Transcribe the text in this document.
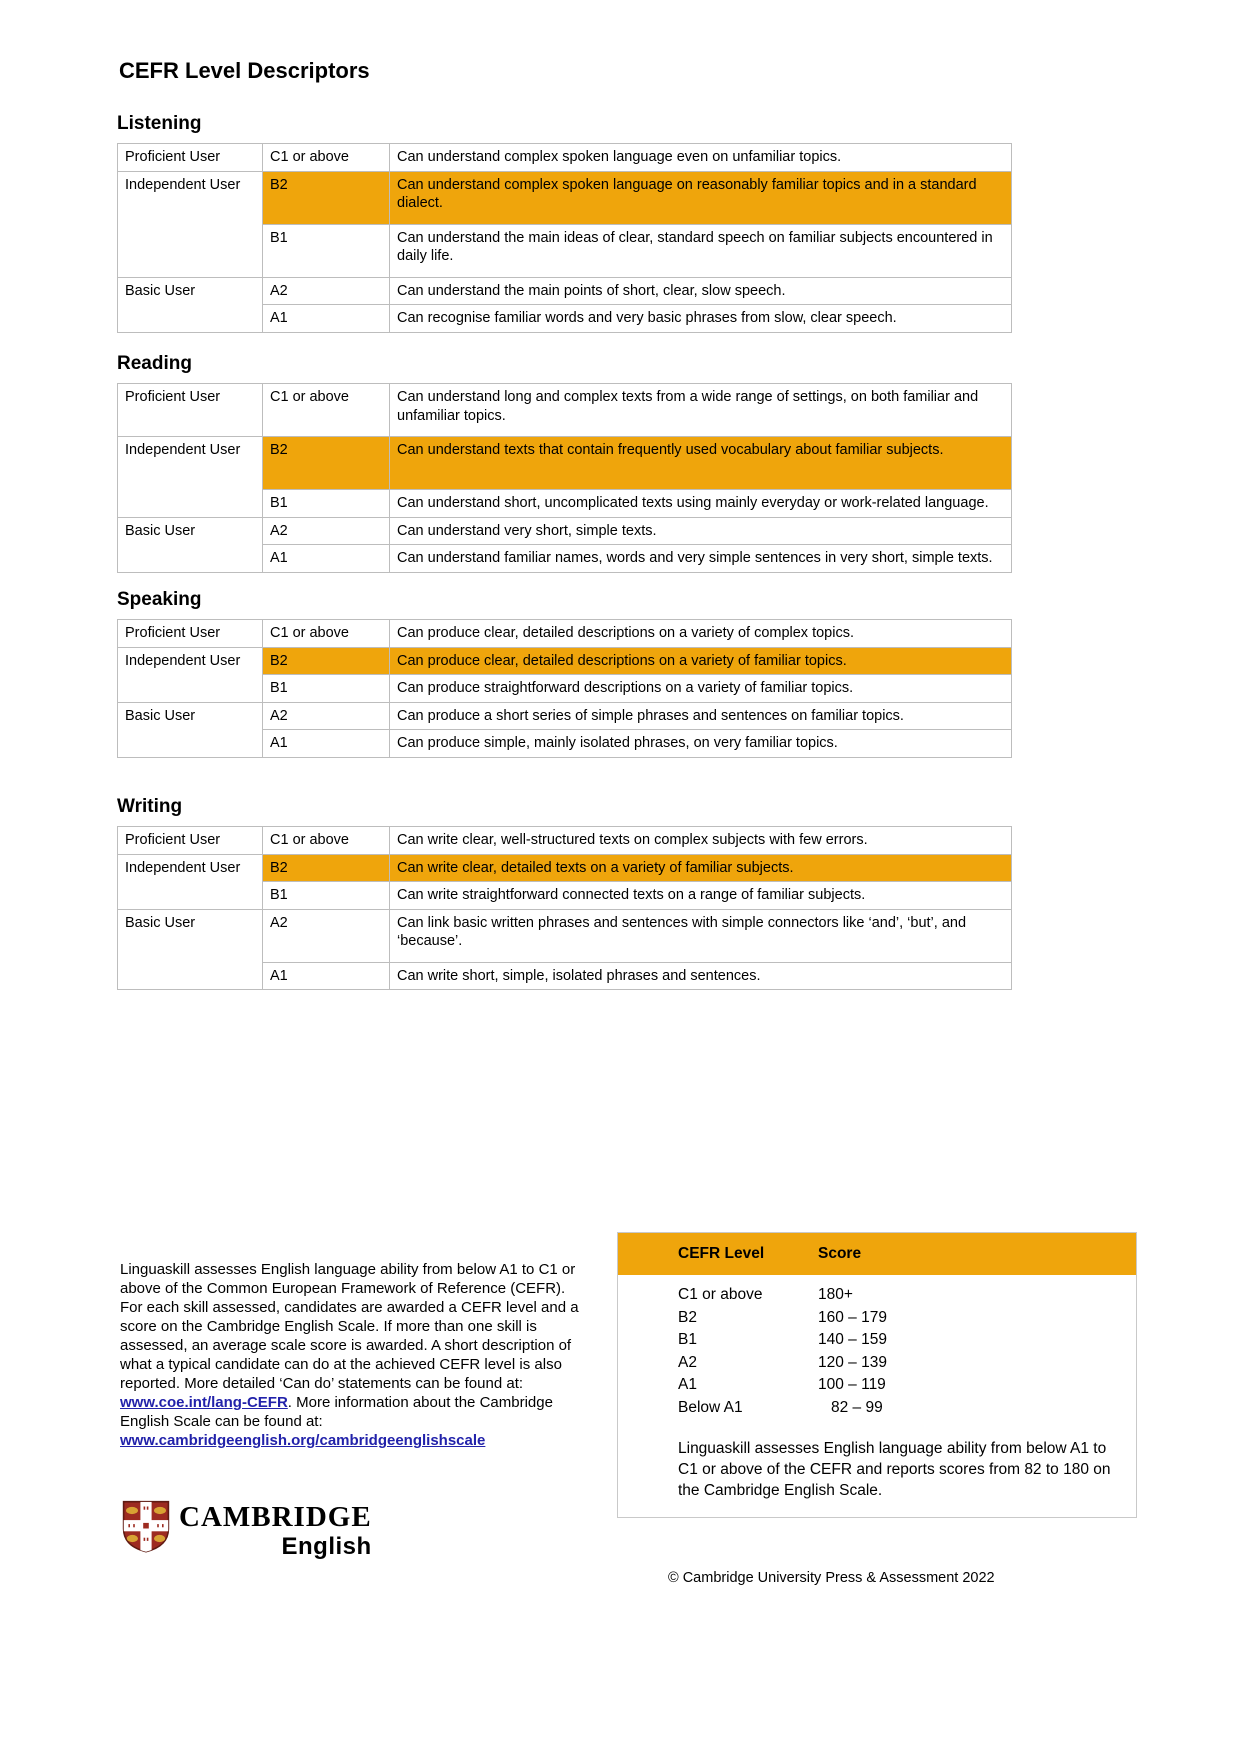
CEFR Level Descriptors
Listening
Proficient User	C1 or above	Can understand complex spoken language even on unfamiliar topics.
Independent User	B2	Can understand complex spoken language on reasonably familiar topics and in a standard dialect.
	B1	Can understand the main ideas of clear, standard speech on familiar subjects encountered in daily life.
Basic User	A2	Can understand the main points of short, clear, slow speech.
	A1	Can recognise familiar words and very basic phrases from slow, clear speech.
Reading
Proficient User	C1 or above	Can understand long and complex texts from a wide range of settings, on both familiar and unfamiliar topics.
Independent User	B2	Can understand texts that contain frequently used vocabulary about familiar subjects.
	B1	Can understand short, uncomplicated texts using mainly everyday or work-related language.
Basic User	A2	Can understand very short, simple texts.
	A1	Can understand familiar names, words and very simple sentences in very short, simple texts.
Speaking
Proficient User	C1 or above	Can produce clear, detailed descriptions on a variety of complex topics.
Independent User	B2	Can produce clear, detailed descriptions on a variety of familiar topics.
	B1	Can produce straightforward descriptions on a variety of familiar topics.
Basic User	A2	Can produce a short series of simple phrases and sentences on familiar topics.
	A1	Can produce simple, mainly isolated phrases, on very familiar topics.
Writing
Proficient User	C1 or above	Can write clear, well-structured texts on complex subjects with few errors.
Independent User	B2	Can write clear, detailed texts on a variety of familiar subjects.
	B1	Can write straightforward connected texts on a range of familiar subjects.
Basic User	A2	Can link basic written phrases and sentences with simple connectors like ‘and’, ‘but’, and ‘because’.
	A1	Can write short, simple, isolated phrases and sentences.

Linguaskill assesses English language ability from below A1 to C1 or above of the Common European Framework of Reference (CEFR). For each skill assessed, candidates are awarded a CEFR level and a score on the Cambridge English Scale. If more than one skill is assessed, an average scale score is awarded. A short description of what a typical candidate can do at the achieved CEFR level is also reported. More detailed ‘Can do’ statements can be found at: www.coe.int/lang-CEFR. More information about the Cambridge English Scale can be found at: www.cambridgeenglish.org/cambridgeenglishscale

CEFR Level	Score
C1 or above	180+
B2	160 – 179
B1	140 – 159
A2	120 – 139
A1	100 – 119
Below A1	82 – 99
Linguaskill assesses English language ability from below A1 to C1 or above of the CEFR and reports scores from 82 to 180 on the Cambridge English Scale.
CAMBRIDGE
English
© Cambridge University Press & Assessment 2022
